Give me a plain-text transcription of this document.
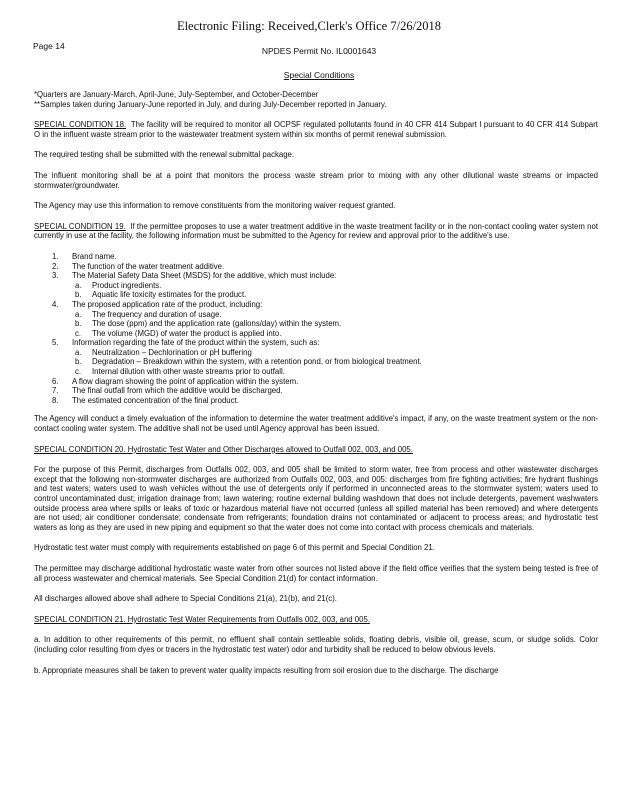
Electronic Filing: Received,Clerk's Office 7/26/2018
Page 14	NPDES Permit No. IL0001643
Special Conditions
*Quarters are January-March, April-June, July-September, and October-December
**Samples taken during January-June reported in July, and during July-December reported in January.

SPECIAL CONDITION 18. The facility will be required to monitor all OCPSF regulated pollutants found in 40 CFR 414 Subpart I pursuant to 40 CFR 414 Subpart O in the influent waste stream prior to the wastewater treatment system within six months of permit renewal submission.

The required testing shall be submitted with the renewal submittal package.

The influent monitoring shall be at a point that monitors the process waste stream prior to mixing with any other dilutional waste streams or impacted stormwater/groundwater.

The Agency may use this information to remove constituents from the monitoring waiver request granted.

SPECIAL CONDITION 19. If the permittee proposes to use a water treatment additive in the waste treatment facility or in the non-contact cooling water system not currently in use at the facility, the following information must be submitted to the Agency for review and approval prior to the additive's use.

1. Brand name.
2. The function of the water treatment additive.
3. The Material Safety Data Sheet (MSDS) for the additive, which must include:
a. Product ingredients.
b. Aquatic life toxicity estimates for the product.
4. The proposed application rate of the product, including:
a. The frequency and duration of usage.
b. The dose (ppm) and the application rate (gallons/day) within the system.
c. The volume (MGD) of water the product is applied into.
5. Information regarding the fate of the product within the system, such as:
a. Neutralization – Dechlorination or pH buffering
b. Degradation – Breakdown within the system, with a retention pond, or from biological treatment.
c. Internal dilution with other waste streams prior to outfall.
6. A flow diagram showing the point of application within the system.
7. The final outfall from which the additive would be discharged.
8. The estimated concentration of the final product.

The Agency will conduct a timely evaluation of the information to determine the water treatment additive's impact, if any, on the waste treatment system or the non-contact cooling water system. The additive shall not be used until Agency approval has been issued.

SPECIAL CONDITION 20. Hydrostatic Test Water and Other Discharges allowed to Outfall 002, 003, and 005.

For the purpose of this Permit, discharges from Outfalls 002, 003, and 005 shall be limited to storm water, free from process and other wastewater discharges except that the following non-stormwater discharges are authorized from Outfalls 002, 003, and 005: discharges from fire fighting activities; fire hydrant flushings and test waters; waters used to wash vehicles without the use of detergents only if performed in unconnected areas to the stormwater system; waters used to control uncontaminated dust; irrigation drainage from; lawn watering; routine external building washdown that does not include detergents, pavement washwaters outside process area where spills or leaks of toxic or hazardous material have not occurred (unless all spilled material has been removed) and where detergents are not used; air conditioner condensate; condensate from refrigerants; foundation drains not contaminated or adjacent to process areas; and hydrostatic test waters as long as they are used in new piping and equipment so that the water does not come into contact with process chemicals and materials.

Hydrostatic test water must comply with requirements established on page 6 of this permit and Special Condition 21.

The permittee may discharge additional hydrostatic waste water from other sources not listed above if the field office verifies that the system being tested is free of all process wastewater and chemical materials. See Special Condition 21(d) for contact information.

All discharges allowed above shall adhere to Special Conditions 21(a), 21(b), and 21(c).

SPECIAL CONDITION 21. Hydrostatic Test Water Requirements from Outfalls 002, 003, and 005.

a. In addition to other requirements of this permit, no effluent shall contain settleable solids, floating debris, visible oil, grease, scum, or sludge solids. Color (including color resulting from dyes or tracers in the hydrostatic test water) odor and turbidity shall be reduced to below obvious levels.

b. Appropriate measures shall be taken to prevent water quality impacts resulting from soil erosion due to the discharge. The discharge
